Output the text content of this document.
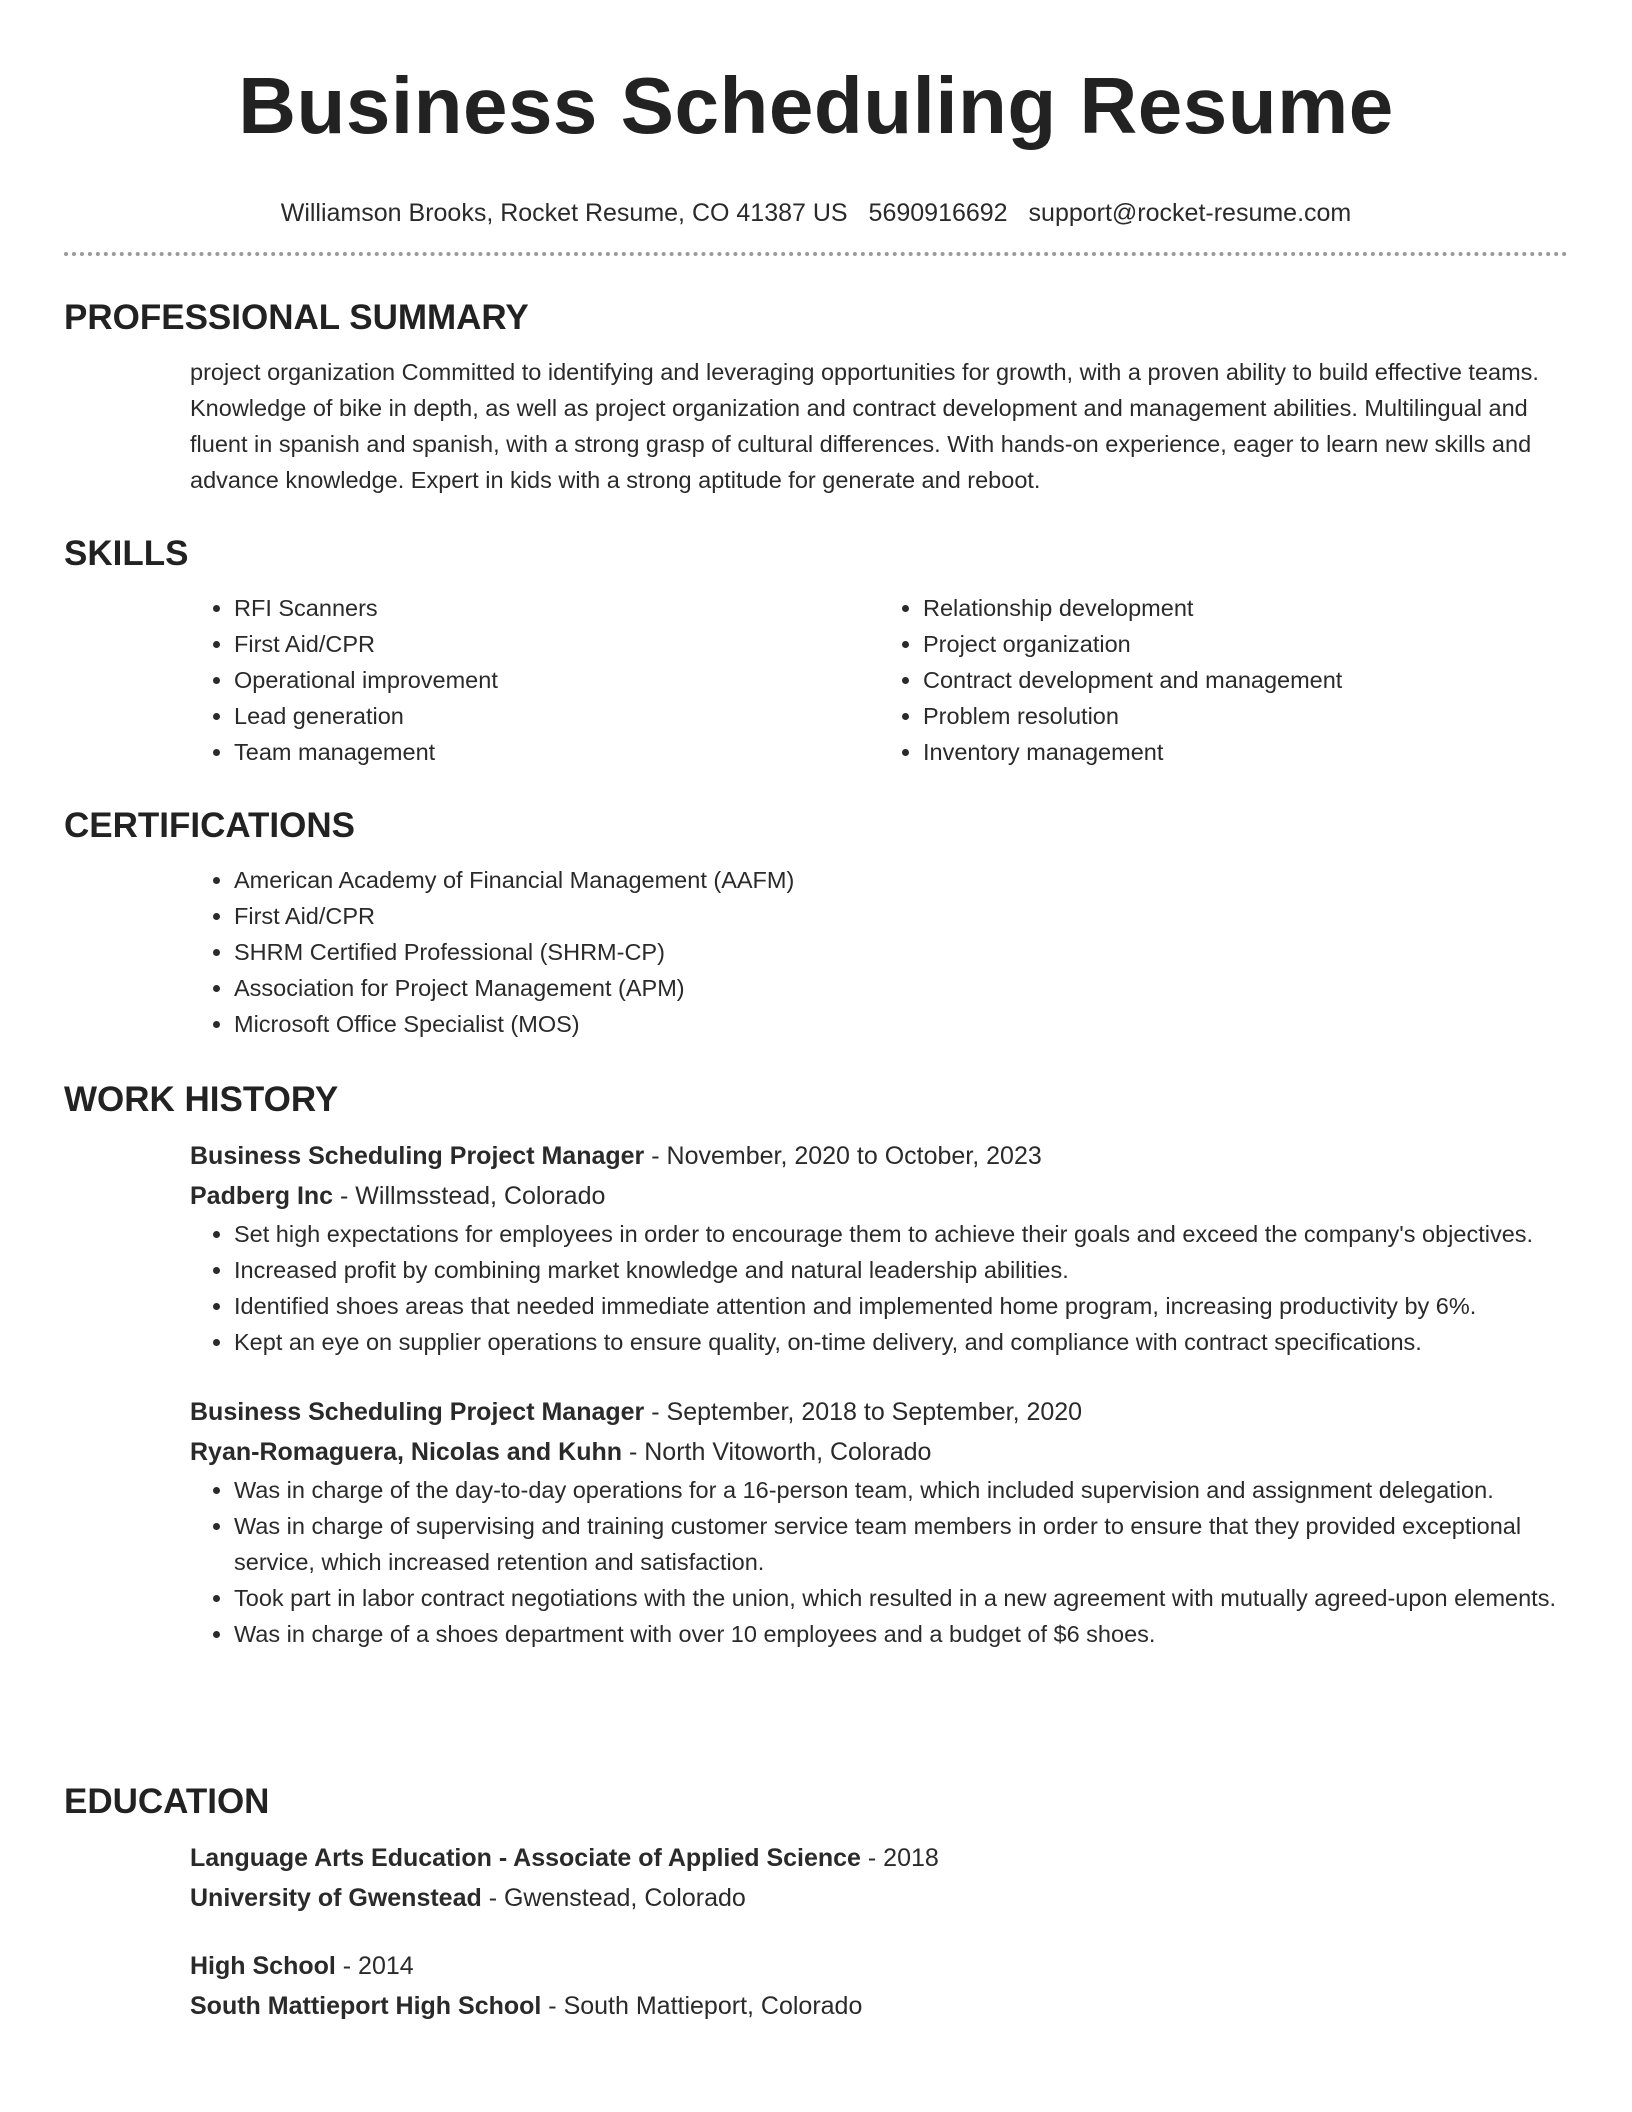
Business Scheduling Resume
Williamson Brooks, Rocket Resume, CO 41387 US 5690916692 support@rocket-resume.com
PROFESSIONAL SUMMARY

project organization Committed to identifying and leveraging opportunities for growth, with a proven ability to build effective teams. Knowledge of bike in depth, as well as project organization and contract development and management abilities. Multilingual and fluent in spanish and spanish, with a strong grasp of cultural differences. With hands-on experience, eager to learn new skills and advance knowledge. Expert in kids with a strong aptitude for generate and reboot.

SKILLS
• RFI Scanners
• First Aid/CPR
• Operational improvement
• Lead generation
• Team management
• Relationship development
• Project organization
• Contract development and management
• Problem resolution
• Inventory management
CERTIFICATIONS
• American Academy of Financial Management (AAFM)
• First Aid/CPR
• SHRM Certified Professional (SHRM-CP)
• Association for Project Management (APM)
• Microsoft Office Specialist (MOS)
WORK HISTORY

Business Scheduling Project Manager - November, 2020 to October, 2023

Padberg Inc - Willmsstead, Colorado

• Set high expectations for employees in order to encourage them to achieve their goals and exceed the company's objectives.
• Increased profit by combining market knowledge and natural leadership abilities.
• Identified shoes areas that needed immediate attention and implemented home program, increasing productivity by 6%.
• Kept an eye on supplier operations to ensure quality, on-time delivery, and compliance with contract specifications.

Business Scheduling Project Manager - September, 2018 to September, 2020

Ryan-Romaguera, Nicolas and Kuhn - North Vitoworth, Colorado

• Was in charge of the day-to-day operations for a 16-person team, which included supervision and assignment delegation.
• Was in charge of supervising and training customer service team members in order to ensure that they provided exceptional service, which increased retention and satisfaction.
• Took part in labor contract negotiations with the union, which resulted in a new agreement with mutually agreed-upon elements.
• Was in charge of a shoes department with over 10 employees and a budget of $6 shoes.
EDUCATION

Language Arts Education - Associate of Applied Science - 2018

University of Gwenstead - Gwenstead, Colorado

High School - 2014

South Mattieport High School - South Mattieport, Colorado
